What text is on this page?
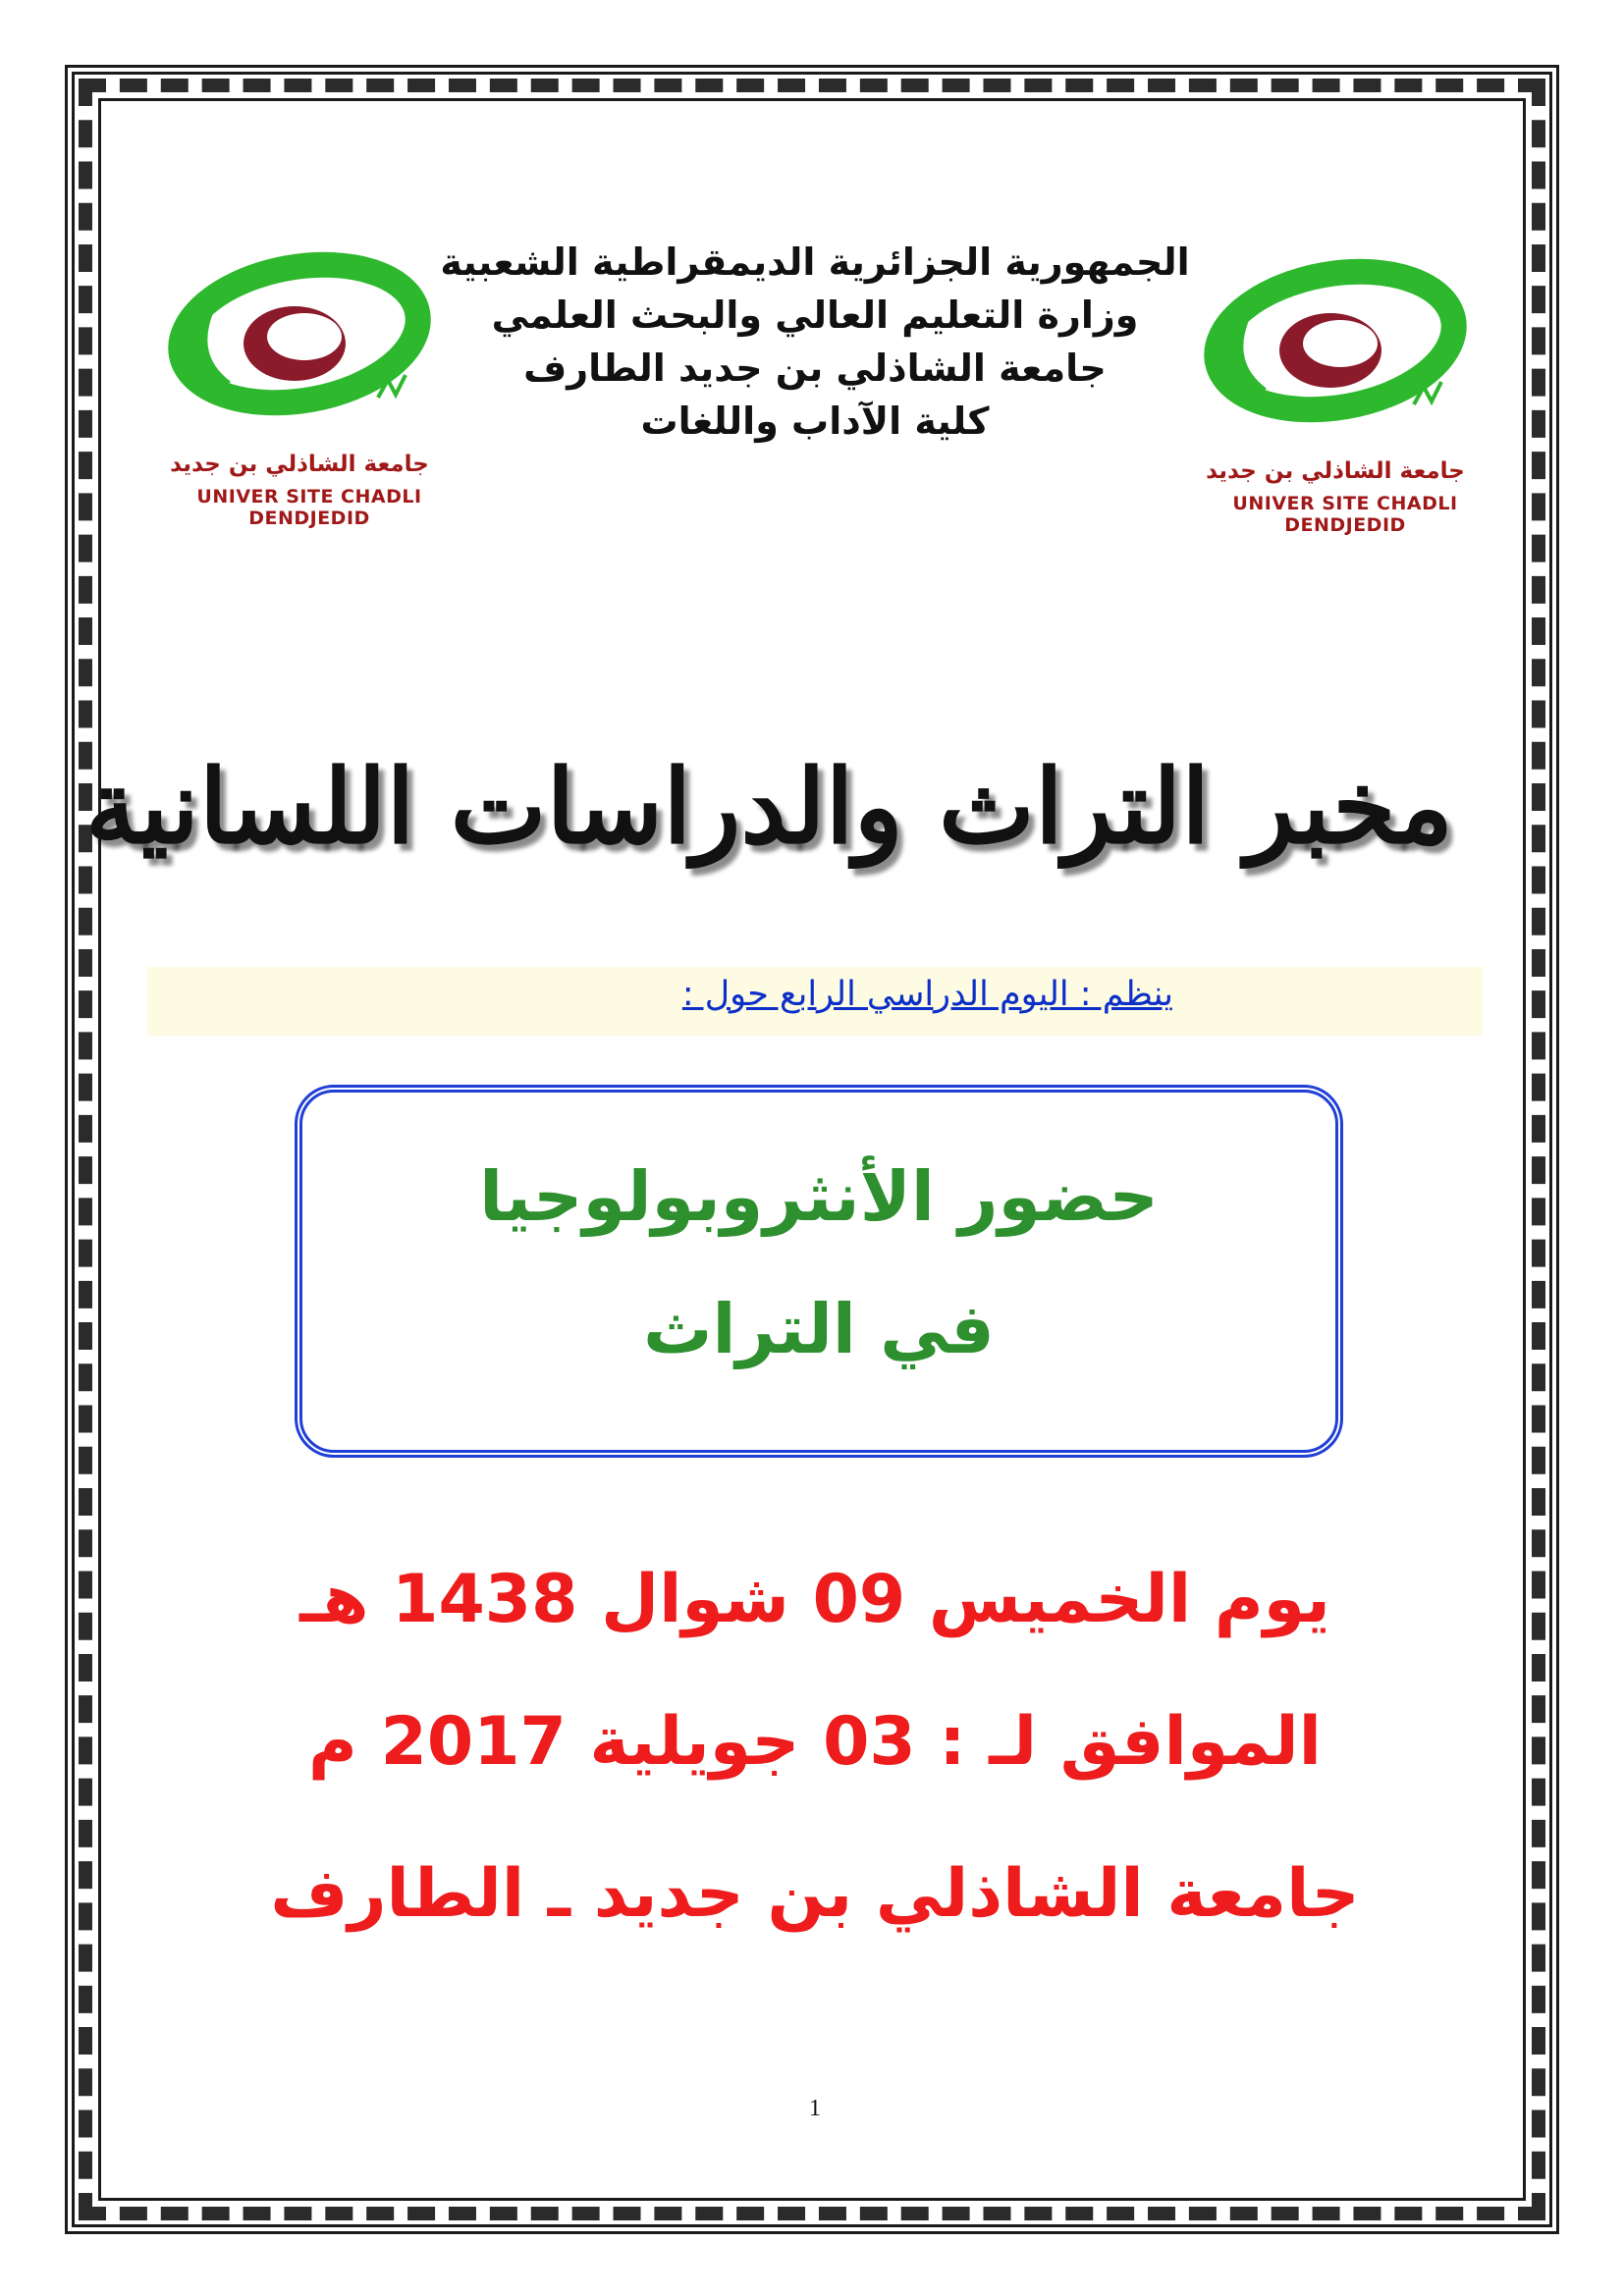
جامعة الشاذلي بن جديد
UNIVER SITE CHADLI DENDJEDID
جامعة الشاذلي بن جديد
UNIVER SITE CHADLI DENDJEDID
الجمهورية الجزائرية الديمقراطية الشعبية
وزارة التعليم العالي والبحث العلمي
جامعة الشاذلي بن جديد الطارف
كلية الآداب واللغات
مخبر التراث والدراسات اللسانية
ينظم : اليوم الدراسي الرابع حول :
حضور الأنثروبولوجيا
في التراث
يوم الخميس 09 شوال 1438 هـ
الموافق لـ : 03 جويلية 2017 م
جامعة الشاذلي بن جديد ـ الطارف
1
